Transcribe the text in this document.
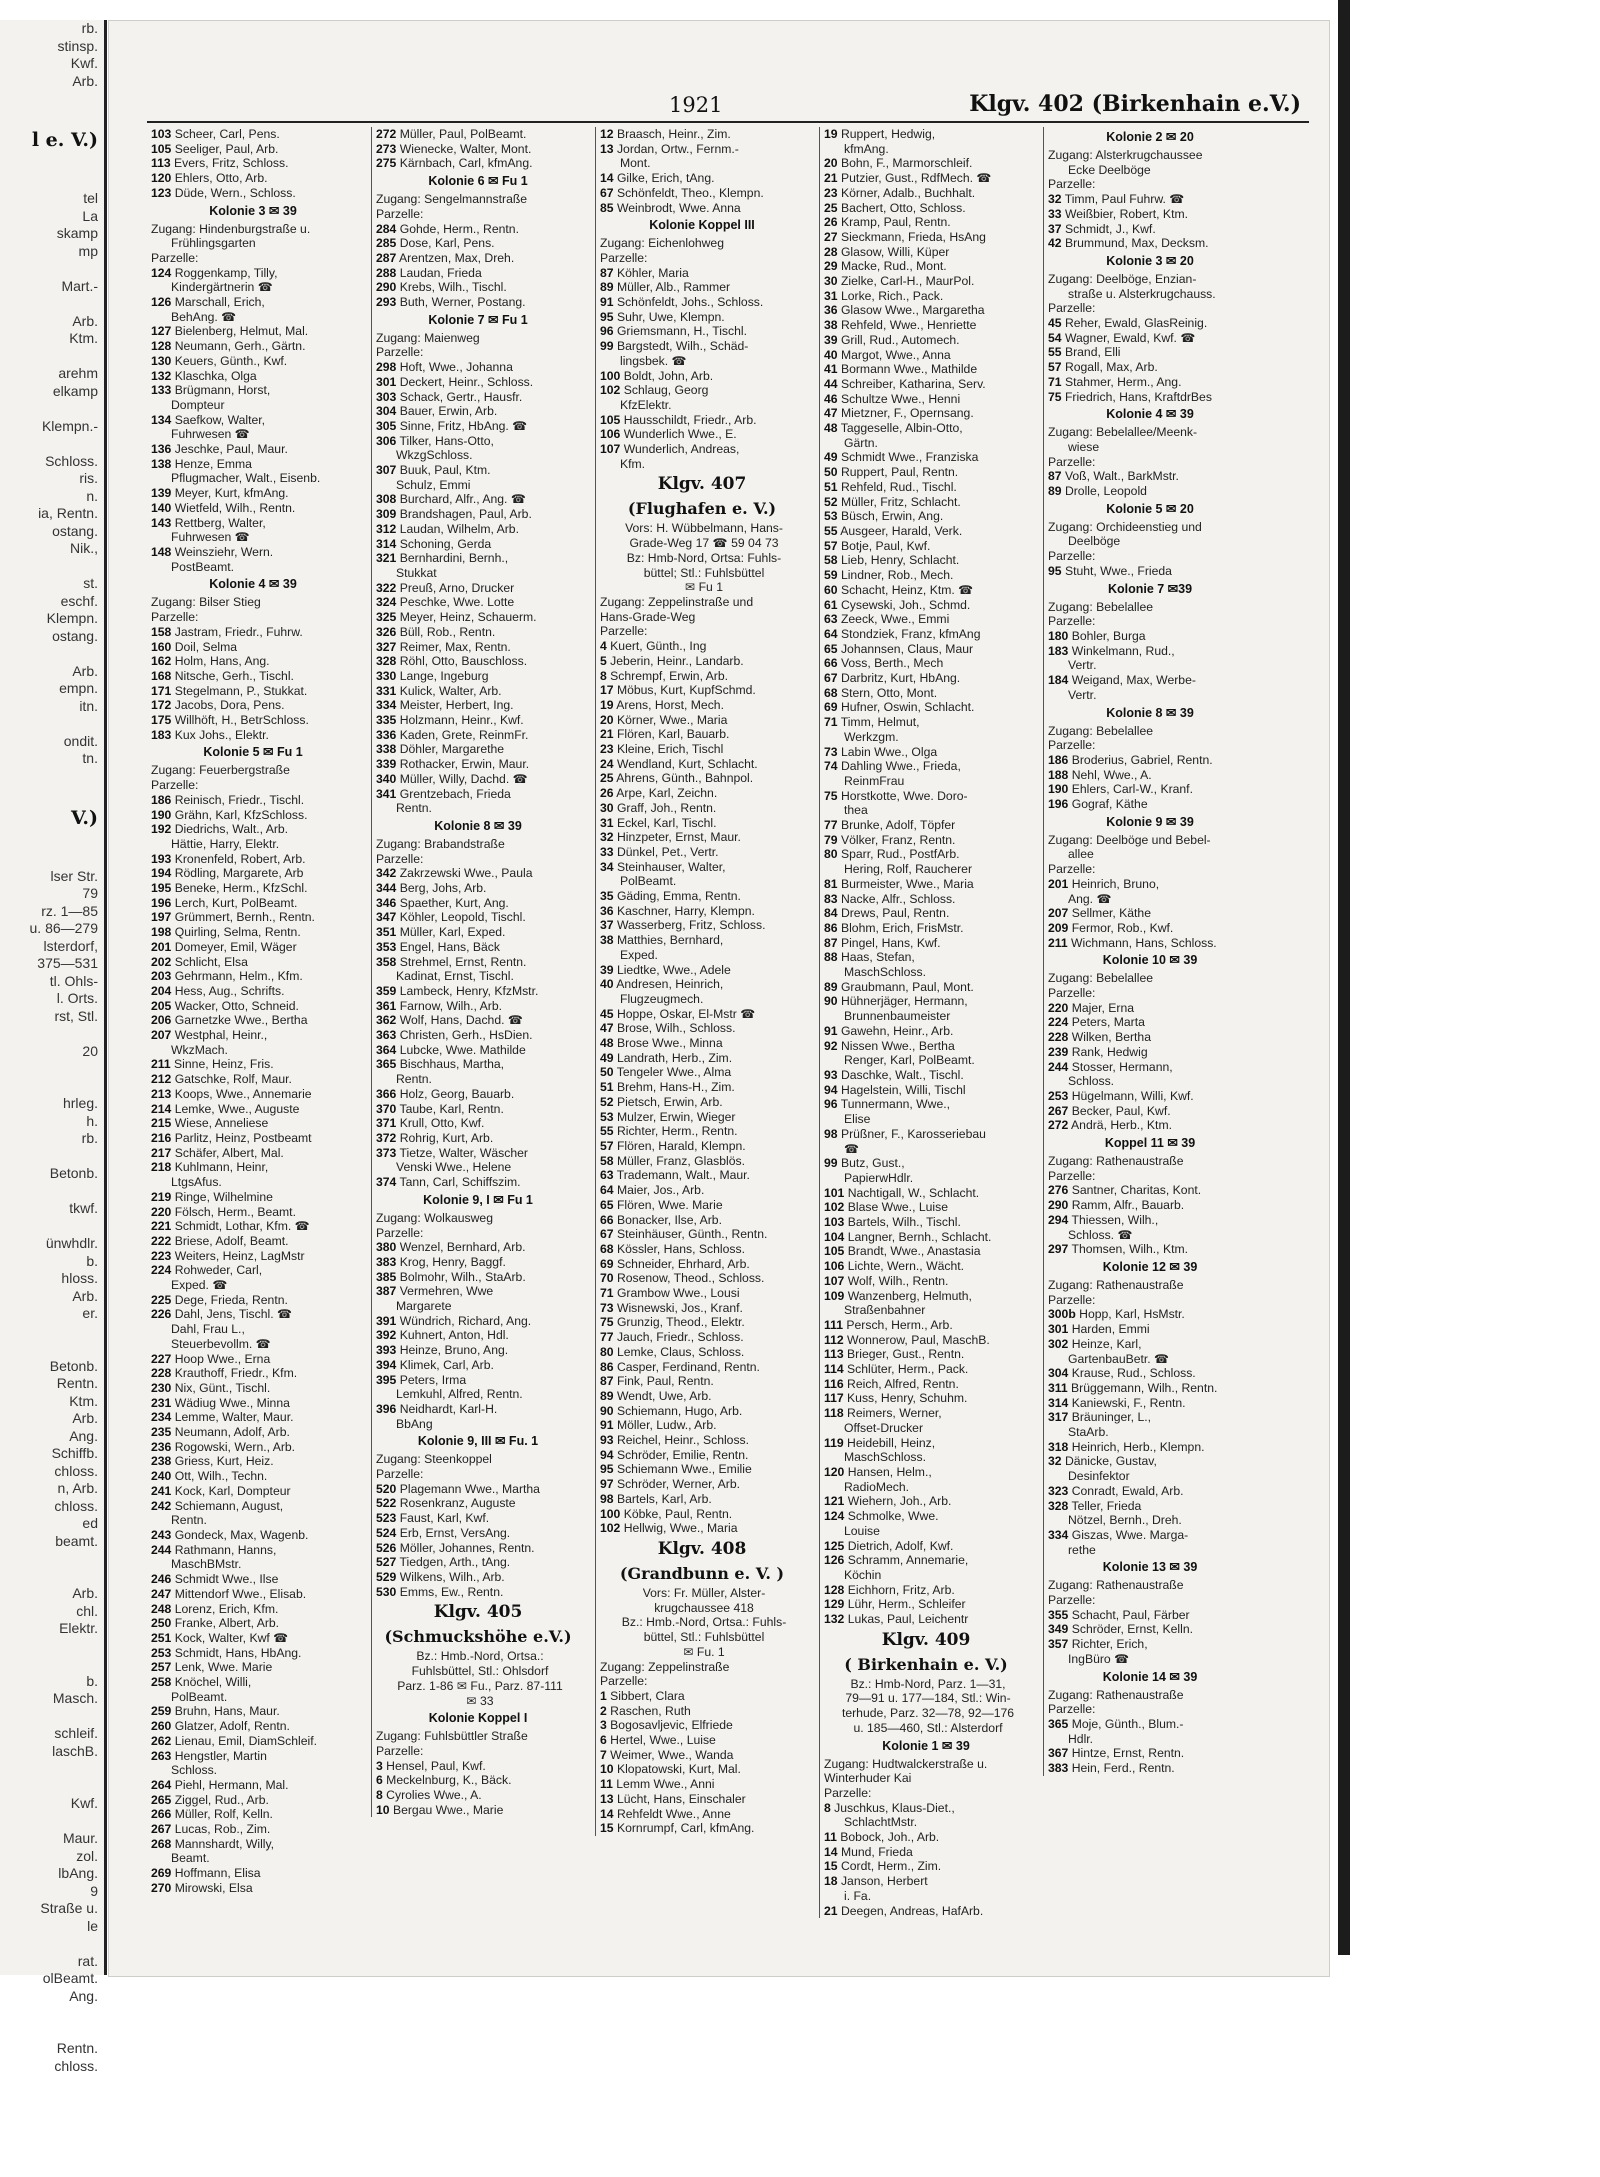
rb.
stinsp.
Kwf.
Arb.

l e. V.)

tel
La
skamp
mp

Mart.-

Arb.
Ktm.

arehm
elkamp

Klempn.-

Schloss.
ris.
n.
ia, Rentn.
ostang.
Nik.,

st.
eschf.
Klempn.
ostang.

Arb.
empn.
itn.

ondit.
tn.

V.)

lser Str.
79
rz. 1—85
u. 86—279
lsterdorf,
375—531
tl. Ohls-
l. Orts.
rst, Stl.

20

hrleg.
h.
rb.

Betonb.

tkwf.

ünwhdlr.
b.
hloss.
Arb.
er.

Betonb.
Rentn.
Ktm.
Arb.
Ang.
Schiffb.
chloss.
n, Arb.
chloss.
ed
beamt.

Arb.
chl.
Elektr.

b.
Masch.

schleif.
laschB.

Kwf.

Maur.
zol.
lbAng.
9
Straße u.
le

rat.
olBeamt.
Ang.

Rentn.
chloss.
1921	Klgv. 402 (Birkenhain e.V.)
103 Scheer, Carl, Pens.
105 Seeliger, Paul, Arb.
113 Evers, Fritz, Schloss.
120 Ehlers, Otto, Arb.
123 Düde, Wern., Schloss.
Kolonie 3 ✉ 39
Zugang: Hindenburgstraße u.
Frühlingsgarten
Parzelle:
124 Roggenkamp, Tilly,
Kindergärtnerin ☎
126 Marschall, Erich,
BehAng. ☎
127 Bielenberg, Helmut, Mal.
128 Neumann, Gerh., Gärtn.
130 Keuers, Günth., Kwf.
132 Klaschka, Olga
133 Brügmann, Horst,
Dompteur
134 Saefkow, Walter,
Fuhrwesen ☎
136 Jeschke, Paul, Maur.
138 Henze, Emma
Pflugmacher, Walt., Eisenb.
139 Meyer, Kurt, kfmAng.
140 Wietfeld, Wilh., Rentn.
143 Rettberg, Walter,
Fuhrwesen ☎
148 Weinsziehr, Wern.
PostBeamt.
Kolonie 4 ✉ 39
Zugang: Bilser Stieg
Parzelle:
158 Jastram, Friedr., Fuhrw.
160 Doil, Selma
162 Holm, Hans, Ang.
168 Nitsche, Gerh., Tischl.
171 Stegelmann, P., Stukkat.
172 Jacobs, Dora, Pens.
175 Willhöft, H., BetrSchloss.
183 Kux Johs., Elektr.
Kolonie 5 ✉ Fu 1
Zugang: Feuerbergstraße
Parzelle:
186 Reinisch, Friedr., Tischl.
190 Grähn, Karl, KfzSchloss.
192 Diedrichs, Walt., Arb.
Hättie, Harry, Elektr.
193 Kronenfeld, Robert, Arb.
194 Rödling, Margarete, Arb
195 Beneke, Herm., KfzSchl.
196 Lerch, Kurt, PolBeamt.
197 Grümmert, Bernh., Rentn.
198 Quirling, Selma, Rentn.
201 Domeyer, Emil, Wäger
202 Schlicht, Elsa
203 Gehrmann, Helm., Kfm.
204 Hess, Aug., Schrifts.
205 Wacker, Otto, Schneid.
206 Garnetzke Wwe., Bertha
207 Westphal, Heinr.,
WkzMach.
211 Sinne, Heinz, Fris.
212 Gatschke, Rolf, Maur.
213 Koops, Wwe., Annemarie
214 Lemke, Wwe., Auguste
215 Wiese, Anneliese
216 Parlitz, Heinz, Postbeamt
217 Schäfer, Albert, Mal.
218 Kuhlmann, Heinr,
LtgsAfus.
219 Ringe, Wilhelmine
220 Fölsch, Herm., Beamt.
221 Schmidt, Lothar, Kfm. ☎
222 Briese, Adolf, Beamt.
223 Weiters, Heinz, LagMstr
224 Rohweder, Carl,
Exped. ☎
225 Dege, Frieda, Rentn.
226 Dahl, Jens, Tischl. ☎
Dahl, Frau L.,
Steuerbevollm. ☎
227 Hoop Wwe., Erna
228 Krauthoff, Friedr., Kfm.
230 Nix, Günt., Tischl.
231 Wädiug Wwe., Minna
234 Lemme, Walter, Maur.
235 Neumann, Adolf, Arb.
236 Rogowski, Wern., Arb.
238 Griess, Kurt, Heiz.
240 Ott, Wilh., Techn.
241 Kock, Karl, Dompteur
242 Schiemann, August,
Rentn.
243 Gondeck, Max, Wagenb.
244 Rathmann, Hanns,
MaschBMstr.
246 Schmidt Wwe., Ilse
247 Mittendorf Wwe., Elisab.
248 Lorenz, Erich, Kfm.
250 Franke, Albert, Arb.
251 Kock, Walter, Kwf ☎
253 Schmidt, Hans, HbAng.
257 Lenk, Wwe. Marie
258 Knöchel, Willi,
PolBeamt.
259 Bruhn, Hans, Maur.
260 Glatzer, Adolf, Rentn.
262 Lienau, Emil, DiamSchleif.
263 Hengstler, Martin
Schloss.
264 Piehl, Hermann, Mal.
265 Ziggel, Rud., Arb.
266 Müller, Rolf, Kelln.
267 Lucas, Rob., Zim.
268 Mannshardt, Willy,
Beamt.
269 Hoffmann, Elisa
270 Mirowski, Elsa
272 Müller, Paul, PolBeamt.
273 Wienecke, Walter, Mont.
275 Kärnbach, Carl, kfmAng.
Kolonie 6 ✉ Fu 1
Zugang: Sengelmannstraße
Parzelle:
284 Gohde, Herm., Rentn.
285 Dose, Karl, Pens.
287 Arentzen, Max, Dreh.
288 Laudan, Frieda
290 Krebs, Wilh., Tischl.
293 Buth, Werner, Postang.
Kolonie 7 ✉ Fu 1
Zugang: Maienweg
Parzelle:
298 Hoft, Wwe., Johanna
301 Deckert, Heinr., Schloss.
303 Schack, Gertr., Hausfr.
304 Bauer, Erwin, Arb.
305 Sinne, Fritz, HbAng. ☎
306 Tilker, Hans-Otto,
WkzgSchloss.
307 Buuk, Paul, Ktm.
Schulz, Emmi
308 Burchard, Alfr., Ang. ☎
309 Brandshagen, Paul, Arb.
312 Laudan, Wilhelm, Arb.
314 Schoning, Gerda
321 Bernhardini, Bernh.,
Stukkat
322 Preuß, Arno, Drucker
324 Peschke, Wwe. Lotte
325 Meyer, Heinz, Schauerm.
326 Büll, Rob., Rentn.
327 Reimer, Max, Rentn.
328 Röhl, Otto, Bauschloss.
330 Lange, Ingeburg
331 Kulick, Walter, Arb.
334 Meister, Herbert, Ing.
335 Holzmann, Heinr., Kwf.
336 Kaden, Grete, ReinmFr.
338 Döhler, Margarethe
339 Rothacker, Erwin, Maur.
340 Müller, Willy, Dachd. ☎
341 Grentzebach, Frieda
Rentn.
Kolonie 8 ✉ 39
Zugang: Brabandstraße
Parzelle:
342 Zakrzewski Wwe., Paula
344 Berg, Johs, Arb.
346 Spaether, Kurt, Ang.
347 Köhler, Leopold, Tischl.
351 Müller, Karl, Exped.
353 Engel, Hans, Bäck
358 Strehmel, Ernst, Rentn.
Kadinat, Ernst, Tischl.
359 Lambeck, Henry, KfzMstr.
361 Farnow, Wilh., Arb.
362 Wolf, Hans, Dachd. ☎
363 Christen, Gerh., HsDien.
364 Lubcke, Wwe. Mathilde
365 Bischhaus, Martha,
Rentn.
366 Holz, Georg, Bauarb.
370 Taube, Karl, Rentn.
371 Krull, Otto, Kwf.
372 Rohrig, Kurt, Arb.
373 Tietze, Walter, Wäscher
Venski Wwe., Helene
374 Tann, Carl, Schiffszim.
Kolonie 9, I ✉ Fu 1
Zugang: Wolkausweg
Parzelle:
380 Wenzel, Bernhard, Arb.
383 Krog, Henry, Baggf.
385 Bolmohr, Wilh., StaArb.
387 Vermehren, Wwe
Margarete
391 Wündrich, Richard, Ang.
392 Kuhnert, Anton, Hdl.
393 Heinze, Bruno, Ang.
394 Klimek, Carl, Arb.
395 Peters, Irma
Lemkuhl, Alfred, Rentn.
396 Neidhardt, Karl-H.
BbAng
Kolonie 9, III ✉ Fu. 1
Zugang: Steenkoppel
Parzelle:
520 Plagemann Wwe., Martha
522 Rosenkranz, Auguste
523 Faust, Karl, Kwf.
524 Erb, Ernst, VersAng.
526 Möller, Johannes, Rentn.
527 Tiedgen, Arth., tAng.
529 Wilkens, Wilh., Arb.
530 Emms, Ew., Rentn.
Klgv. 405
(Schmuckshöhe e.V.)
Bz.: Hmb.-Nord, Ortsa.:
Fuhlsbüttel, Stl.: Ohlsdorf
Parz. 1-86 ✉ Fu., Parz. 87-111
✉ 33
Kolonie Koppel I
Zugang: Fuhlsbüttler Straße
Parzelle:
3 Hensel, Paul, Kwf.
6 Meckelnburg, K., Bäck.
8 Cyrolies Wwe., A.
10 Bergau Wwe., Marie
12 Braasch, Heinr., Zim.
13 Jordan, Ortw., Fernm.-
Mont.
14 Gilke, Erich, tAng.
67 Schönfeldt, Theo., Klempn.
85 Weinbrodt, Wwe. Anna
Kolonie Koppel III
Zugang: Eichenlohweg
Parzelle:
87 Köhler, Maria
89 Müller, Alb., Rammer
91 Schönfeldt, Johs., Schloss.
95 Suhr, Uwe, Klempn.
96 Griemsmann, H., Tischl.
99 Bargstedt, Wilh., Schäd-
lingsbek. ☎
100 Boldt, John, Arb.
102 Schlaug, Georg
KfzElektr.
105 Hausschildt, Friedr., Arb.
106 Wunderlich Wwe., E.
107 Wunderlich, Andreas,
Kfm.
Klgv. 407
(Flughafen e. V.)
Vors: H. Wübbelmann, Hans-
Grade-Weg 17 ☎ 59 04 73
Bz: Hmb-Nord, Ortsa: Fuhls-
büttel; Stl.: Fuhlsbüttel
✉ Fu 1
Zugang: Zeppelinstraße und
Hans-Grade-Weg
Parzelle:
4 Kuert, Günth., Ing
5 Jeberin, Heinr., Landarb.
8 Schrempf, Erwin, Arb.
17 Möbus, Kurt, KupfSchmd.
19 Arens, Horst, Mech.
20 Körner, Wwe., Maria
21 Flören, Karl, Bauarb.
23 Kleine, Erich, Tischl
24 Wendland, Kurt, Schlacht.
25 Ahrens, Günth., Bahnpol.
26 Arpe, Karl, Zeichn.
30 Graff, Joh., Rentn.
31 Eckel, Karl, Tischl.
32 Hinzpeter, Ernst, Maur.
33 Dünkel, Pet., Vertr.
34 Steinhauser, Walter,
PolBeamt.
35 Gäding, Emma, Rentn.
36 Kaschner, Harry, Klempn.
37 Wasserberg, Fritz, Schloss.
38 Matthies, Bernhard,
Exped.
39 Liedtke, Wwe., Adele
40 Andresen, Heinrich,
Flugzeugmech.
45 Hoppe, Oskar, El-Mstr ☎
47 Brose, Wilh., Schloss.
48 Brose Wwe., Minna
49 Landrath, Herb., Zim.
50 Tengeler Wwe., Alma
51 Brehm, Hans-H., Zim.
52 Pietsch, Erwin, Arb.
53 Mulzer, Erwin, Wieger
55 Richter, Herm., Rentn.
57 Flören, Harald, Klempn.
58 Müller, Franz, Glasblös.
63 Trademann, Walt., Maur.
64 Maier, Jos., Arb.
65 Flören, Wwe. Marie
66 Bonacker, Ilse, Arb.
67 Steinhäuser, Günth., Rentn.
68 Kössler, Hans, Schloss.
69 Schneider, Ehrhard, Arb.
70 Rosenow, Theod., Schloss.
71 Grambow Wwe., Lousi
73 Wisnewski, Jos., Kranf.
75 Grunzig, Theod., Elektr.
77 Jauch, Friedr., Schloss.
80 Lemke, Claus, Schloss.
86 Casper, Ferdinand, Rentn.
87 Fink, Paul, Rentn.
89 Wendt, Uwe, Arb.
90 Schiemann, Hugo, Arb.
91 Möller, Ludw., Arb.
93 Reichel, Heinr., Schloss.
94 Schröder, Emilie, Rentn.
95 Schiemann Wwe., Emilie
97 Schröder, Werner, Arb.
98 Bartels, Karl, Arb.
100 Köbke, Paul, Rentn.
102 Hellwig, Wwe., Maria
Klgv. 408
(Grandbunn e. V. )
Vors: Fr. Müller, Alster-
krugchaussee 418
Bz.: Hmb.-Nord, Ortsa.: Fuhls-
büttel, Stl.: Fuhlsbüttel
✉ Fu. 1
Zugang: Zeppelinstraße
Parzelle:
1 Sibbert, Clara
2 Raschen, Ruth
3 Bogosavljevic, Elfriede
6 Hertel, Wwe., Luise
7 Weimer, Wwe., Wanda
10 Klopatowski, Kurt, Mal.
11 Lemm Wwe., Anni
13 Lücht, Hans, Einschaler
14 Rehfeldt Wwe., Anne
15 Kornrumpf, Carl, kfmAng.
19 Ruppert, Hedwig,
kfmAng.
20 Bohn, F., Marmorschleif.
21 Putzier, Gust., RdfMech. ☎
23 Körner, Adalb., Buchhalt.
25 Bachert, Otto, Schloss.
26 Kramp, Paul, Rentn.
27 Sieckmann, Frieda, HsAng
28 Glasow, Willi, Küper
29 Macke, Rud., Mont.
30 Zielke, Carl-H., MaurPol.
31 Lorke, Rich., Pack.
36 Glasow Wwe., Margaretha
38 Rehfeld, Wwe., Henriette
39 Grill, Rud., Automech.
40 Margot, Wwe., Anna
41 Bormann Wwe., Mathilde
44 Schreiber, Katharina, Serv.
46 Schultze Wwe., Henni
47 Mietzner, F., Opernsang.
48 Taggeselle, Albin-Otto,
Gärtn.
49 Schmidt Wwe., Franziska
50 Ruppert, Paul, Rentn.
51 Rehfeld, Rud., Tischl.
52 Müller, Fritz, Schlacht.
53 Büsch, Erwin, Ang.
55 Ausgeer, Harald, Verk.
57 Botje, Paul, Kwf.
58 Lieb, Henry, Schlacht.
59 Lindner, Rob., Mech.
60 Schacht, Heinz, Ktm. ☎
61 Cysewski, Joh., Schmd.
63 Zeeck, Wwe., Emmi
64 Stondziek, Franz, kfmAng
65 Johannsen, Claus, Maur
66 Voss, Berth., Mech
67 Darbritz, Kurt, HbAng.
68 Stern, Otto, Mont.
69 Hufner, Oswin, Schlacht.
71 Timm, Helmut,
Werkzgm.
73 Labin Wwe., Olga
74 Dahling Wwe., Frieda,
ReinmFrau
75 Horstkotte, Wwe. Doro-
thea
77 Brunke, Adolf, Töpfer
79 Völker, Franz, Rentn.
80 Sparr, Rud., PostfArb.
Hering, Rolf, Raucherer
81 Burmeister, Wwe., Maria
83 Nacke, Alfr., Schloss.
84 Drews, Paul, Rentn.
86 Blohm, Erich, FrisMstr.
87 Pingel, Hans, Kwf.
88 Haas, Stefan,
MaschSchloss.
89 Graubmann, Paul, Mont.
90 Hühnerjäger, Hermann,
Brunnenbaumeister
91 Gawehn, Heinr., Arb.
92 Nissen Wwe., Bertha
Renger, Karl, PolBeamt.
93 Daschke, Walt., Tischl.
94 Hagelstein, Willi, Tischl
96 Tunnermann, Wwe.,
Elise
98 Prüßner, F., Karosseriebau
☎
99 Butz, Gust.,
PapierwHdlr.
101 Nachtigall, W., Schlacht.
102 Blase Wwe., Luise
103 Bartels, Wilh., Tischl.
104 Langner, Bernh., Schlacht.
105 Brandt, Wwe., Anastasia
106 Lichte, Wern., Wächt.
107 Wolf, Wilh., Rentn.
109 Wanzenberg, Helmuth,
Straßenbahner
111 Persch, Herm., Arb.
112 Wonnerow, Paul, MaschB.
113 Brieger, Gust., Rentn.
114 Schlüter, Herm., Pack.
116 Reich, Alfred, Rentn.
117 Kuss, Henry, Schuhm.
118 Reimers, Werner,
Offset-Drucker
119 Heidebill, Heinz,
MaschSchloss.
120 Hansen, Helm.,
RadioMech.
121 Wiehern, Joh., Arb.
124 Schmolke, Wwe.
Louise
125 Dietrich, Adolf, Kwf.
126 Schramm, Annemarie,
Köchin
128 Eichhorn, Fritz, Arb.
129 Lühr, Herm., Schleifer
132 Lukas, Paul, Leichentr
Klgv. 409
( Birkenhain e. V.)
Bz.: Hmb-Nord, Parz. 1—31,
79—91 u. 177—184, Stl.: Win-
terhude, Parz. 32—78, 92—176
u. 185—460, Stl.: Alsterdorf
Kolonie 1 ✉ 39
Zugang: Hudtwalckerstraße u.
Winterhuder Kai
Parzelle:
8 Juschkus, Klaus-Diet.,
SchlachtMstr.
11 Bobock, Joh., Arb.
14 Mund, Frieda
15 Cordt, Herm., Zim.
18 Janson, Herbert
i. Fa.
21 Deegen, Andreas, HafArb.
Kolonie 2 ✉ 20
Zugang: Alsterkrugchaussee
Ecke Deelböge
Parzelle:
32 Timm, Paul Fuhrw. ☎
33 Weißbier, Robert, Ktm.
37 Schmidt, J., Kwf.
42 Brummund, Max, Decksm.
Kolonie 3 ✉ 20
Zugang: Deelböge, Enzian-
straße u. Alsterkrugchauss.
Parzelle:
45 Reher, Ewald, GlasReinig.
54 Wagner, Ewald, Kwf. ☎
55 Brand, Elli
57 Rogall, Max, Arb.
71 Stahmer, Herm., Ang.
75 Friedrich, Hans, KraftdrBes
Kolonie 4 ✉ 39
Zugang: Bebelallee/Meenk-
wiese
Parzelle:
87 Voß, Walt., BarkMstr.
89 Drolle, Leopold
Kolonie 5 ✉ 20
Zugang: Orchideenstieg und
Deelböge
Parzelle:
95 Stuht, Wwe., Frieda
Kolonie 7 ✉39
Zugang: Bebelallee
Parzelle:
180 Bohler, Burga
183 Winkelmann, Rud.,
Vertr.
184 Weigand, Max, Werbe-
Vertr.
Kolonie 8 ✉ 39
Zugang: Bebelallee
Parzelle:
186 Broderius, Gabriel, Rentn.
188 Nehl, Wwe., A.
190 Ehlers, Carl-W., Kranf.
196 Gograf, Käthe
Kolonie 9 ✉ 39
Zugang: Deelböge und Bebel-
allee
Parzelle:
201 Heinrich, Bruno,
Ang. ☎
207 Sellmer, Käthe
209 Fermor, Rob., Kwf.
211 Wichmann, Hans, Schloss.
Kolonie 10 ✉ 39
Zugang: Bebelallee
Parzelle:
220 Majer, Erna
224 Peters, Marta
228 Wilken, Bertha
239 Rank, Hedwig
244 Stosser, Hermann,
Schloss.
253 Hügelmann, Willi, Kwf.
267 Becker, Paul, Kwf.
272 Andrä, Herb., Ktm.
Koppel 11 ✉ 39
Zugang: Rathenaustraße
Parzelle:
276 Santner, Charitas, Kont.
290 Ramm, Alfr., Bauarb.
294 Thiessen, Wilh.,
Schloss. ☎
297 Thomsen, Wilh., Ktm.
Kolonie 12 ✉ 39
Zugang: Rathenaustraße
Parzelle:
300b Hopp, Karl, HsMstr.
301 Harden, Emmi
302 Heinze, Karl,
GartenbauBetr. ☎
304 Krause, Rud., Schloss.
311 Brüggemann, Wilh., Rentn.
314 Kaniewski, F., Rentn.
317 Bräuninger, L.,
StaArb.
318 Heinrich, Herb., Klempn.
32 Dänicke, Gustav,
Desinfektor
323 Conradt, Ewald, Arb.
328 Teller, Frieda
Nötzel, Bernh., Dreh.
334 Giszas, Wwe. Marga-
rethe
Kolonie 13 ✉ 39
Zugang: Rathenaustraße
Parzelle:
355 Schacht, Paul, Färber
349 Schröder, Ernst, Kelln.
357 Richter, Erich,
IngBüro ☎
Kolonie 14 ✉ 39
Zugang: Rathenaustraße
Parzelle:
365 Moje, Günth., Blum.-
Hdlr.
367 Hintze, Ernst, Rentn.
383 Hein, Ferd., Rentn.
